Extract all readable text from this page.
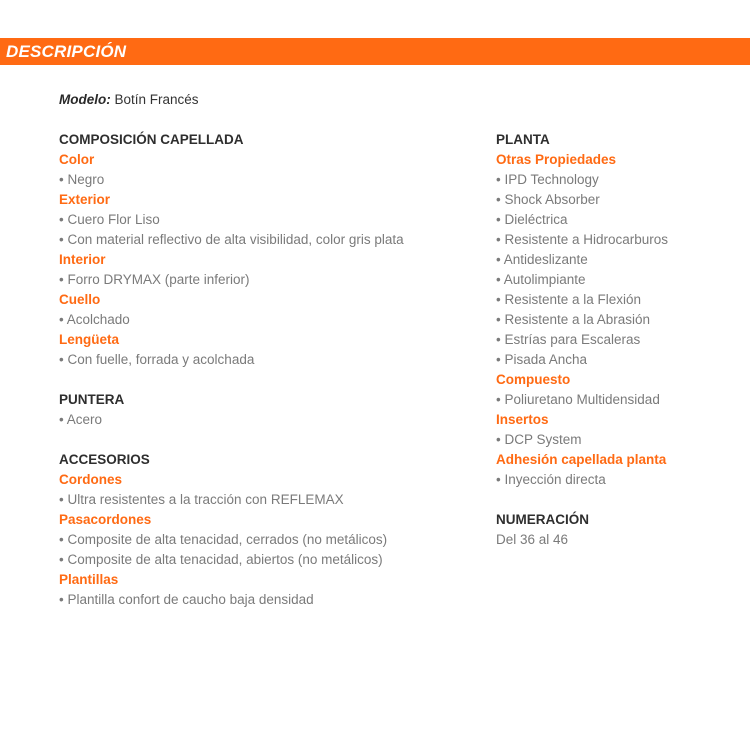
DESCRIPCIÓN
Modelo: Botín Francés
COMPOSICIÓN CAPELLADA
Color
• Negro
Exterior
• Cuero Flor Liso
• Con material reflectivo de alta visibilidad, color gris plata
Interior
• Forro DRYMAX (parte inferior)
Cuello
• Acolchado
Lengüeta
• Con fuelle, forrada y acolchada
PUNTERA
• Acero
ACCESORIOS
Cordones
• Ultra resistentes a la tracción con REFLEMAX
Pasacordones
• Composite de alta tenacidad, cerrados (no metálicos)
• Composite de alta tenacidad, abiertos (no metálicos)
Plantillas
• Plantilla confort de caucho baja densidad
PLANTA
Otras Propiedades
• IPD Technology
• Shock Absorber
• Dieléctrica
• Resistente a Hidrocarburos
• Antideslizante
• Autolimpiante
• Resistente a la Flexión
• Resistente a la Abrasión
• Estrías para Escaleras
• Pisada Ancha
Compuesto
• Poliuretano Multidensidad
Insertos
• DCP System
Adhesión capellada planta
• Inyección directa
NUMERACIÓN
Del 36 al 46
